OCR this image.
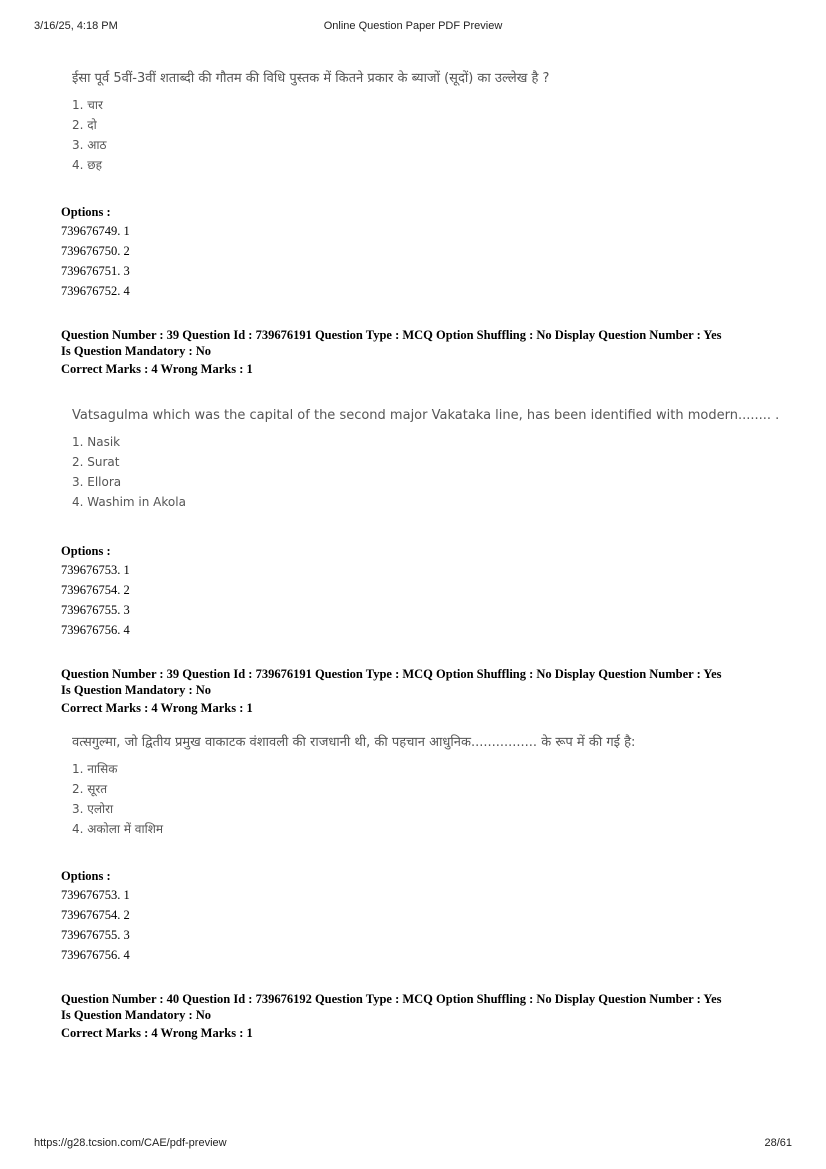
3/16/25, 4:18 PM	Online Question Paper PDF Preview
ईसा पूर्व 5वीं-3वीं शताब्दी की गौतम की विधि पुस्तक में कितने प्रकार के ब्याजों (सूदों) का उल्लेख है ?
1. चार
2. दो
3. आठ
4. छह
Options :
739676749. 1
739676750. 2
739676751. 3
739676752. 4
Question Number : 39 Question Id : 739676191 Question Type : MCQ Option Shuffling : No Display Question Number : Yes
Is Question Mandatory : No
Correct Marks : 4 Wrong Marks : 1
Vatsagulma which was the capital of the second major Vakataka line, has been identified with modern........ .
1. Nasik
2. Surat
3. Ellora
4. Washim in Akola
Options :
739676753. 1
739676754. 2
739676755. 3
739676756. 4
Question Number : 39 Question Id : 739676191 Question Type : MCQ Option Shuffling : No Display Question Number : Yes
Is Question Mandatory : No
Correct Marks : 4 Wrong Marks : 1
वत्सगुल्मा, जो द्वितीय प्रमुख वाकाटक वंशावली की राजधानी थी, की पहचान आधुनिक................ के रूप में की गई है:
1. नासिक
2. सूरत
3. एलोरा
4. अकोला में वाशिम
Options :
739676753. 1
739676754. 2
739676755. 3
739676756. 4
Question Number : 40 Question Id : 739676192 Question Type : MCQ Option Shuffling : No Display Question Number : Yes
Is Question Mandatory : No
Correct Marks : 4 Wrong Marks : 1
https://g28.tcsion.com/CAE/pdf-preview	28/61
